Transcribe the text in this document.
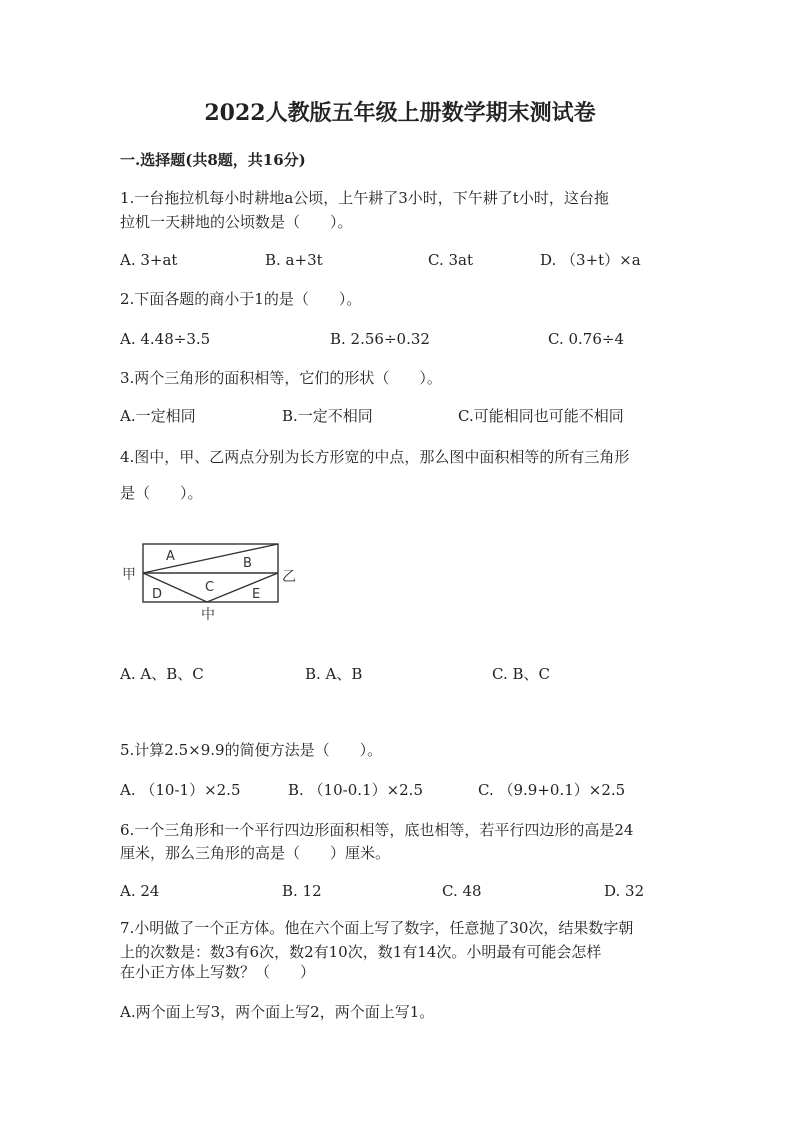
2022人教版五年级上册数学期末测试卷
一.选择题(共8题，共16分)
1.一台拖拉机每小时耕地a公顷，上午耕了3小时，下午耕了t小时，这台拖
拉机一天耕地的公顷数是（　　）。
A. 3+at	B. a+3t	C. 3at	D. （3+t）×a
2.下面各题的商小于1的是（　　）。
A. 4.48÷3.5	B. 2.56÷0.32	C. 0.76÷4
3.两个三角形的面积相等，它们的形状（　　）。
A.一定相同	B.一定不相同	C.可能相同也可能不相同
4.图中，甲、乙两点分别为长方形宽的中点，那么图中面积相等的所有三角形
是（　　）。
A	B
C
D	E
甲	乙
中
A. A、B、C	B. A、B	C. B、C
5.计算2.5×9.9的简便方法是（　　）。
A. （10-1）×2.5	B. （10-0.1）×2.5	C. （9.9+0.1）×2.5
6.一个三角形和一个平行四边形面积相等，底也相等，若平行四边形的高是24
厘米，那么三角形的高是（　　）厘米。
A. 24	B. 12	C. 48	D. 32
7.小明做了一个正方体。他在六个面上写了数字，任意抛了30次，结果数字朝
上的次数是：数3有6次，数2有10次，数1有14次。小明最有可能会怎样
在小正方体上写数？（　　）
A.两个面上写3，两个面上写2，两个面上写1。
